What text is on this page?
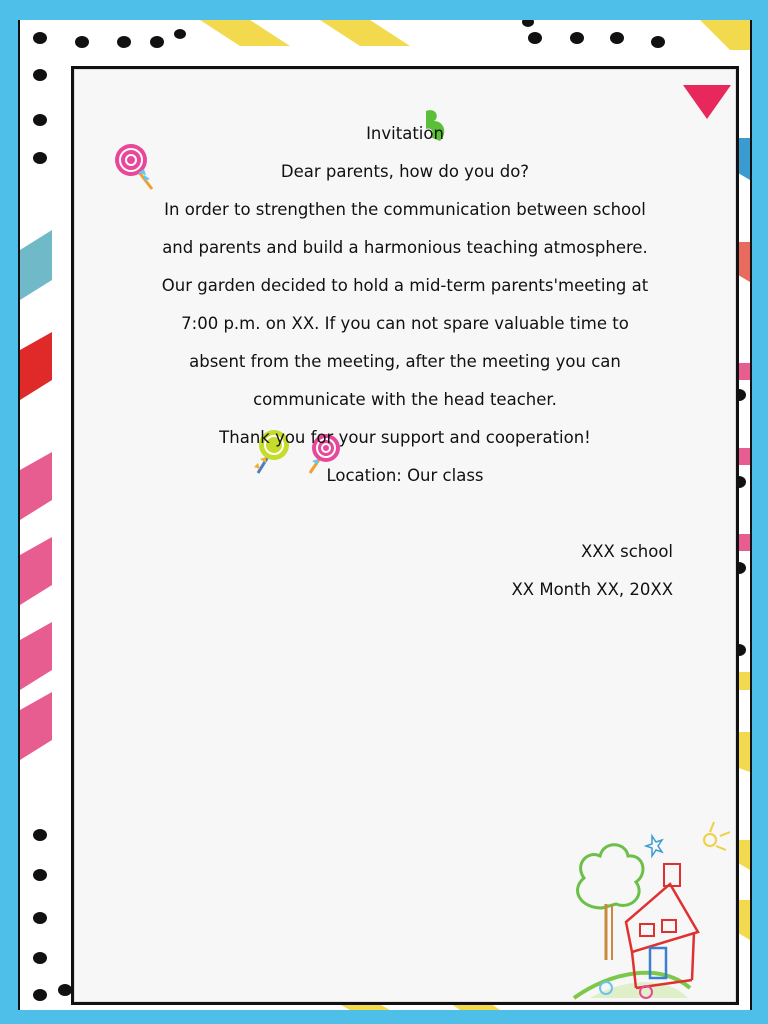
Invitation
Dear parents, how do you do?
In order to strengthen the communication between school
and parents and build a harmonious teaching atmosphere.
Our garden decided to hold a mid-term parents'meeting at
7:00 p.m. on XX. If you can not spare valuable time to
absent from the meeting, after the meeting you can
communicate with the head teacher.
Thank you for your support and cooperation!
Location: Our class
XXX school
XX Month XX, 20XX
